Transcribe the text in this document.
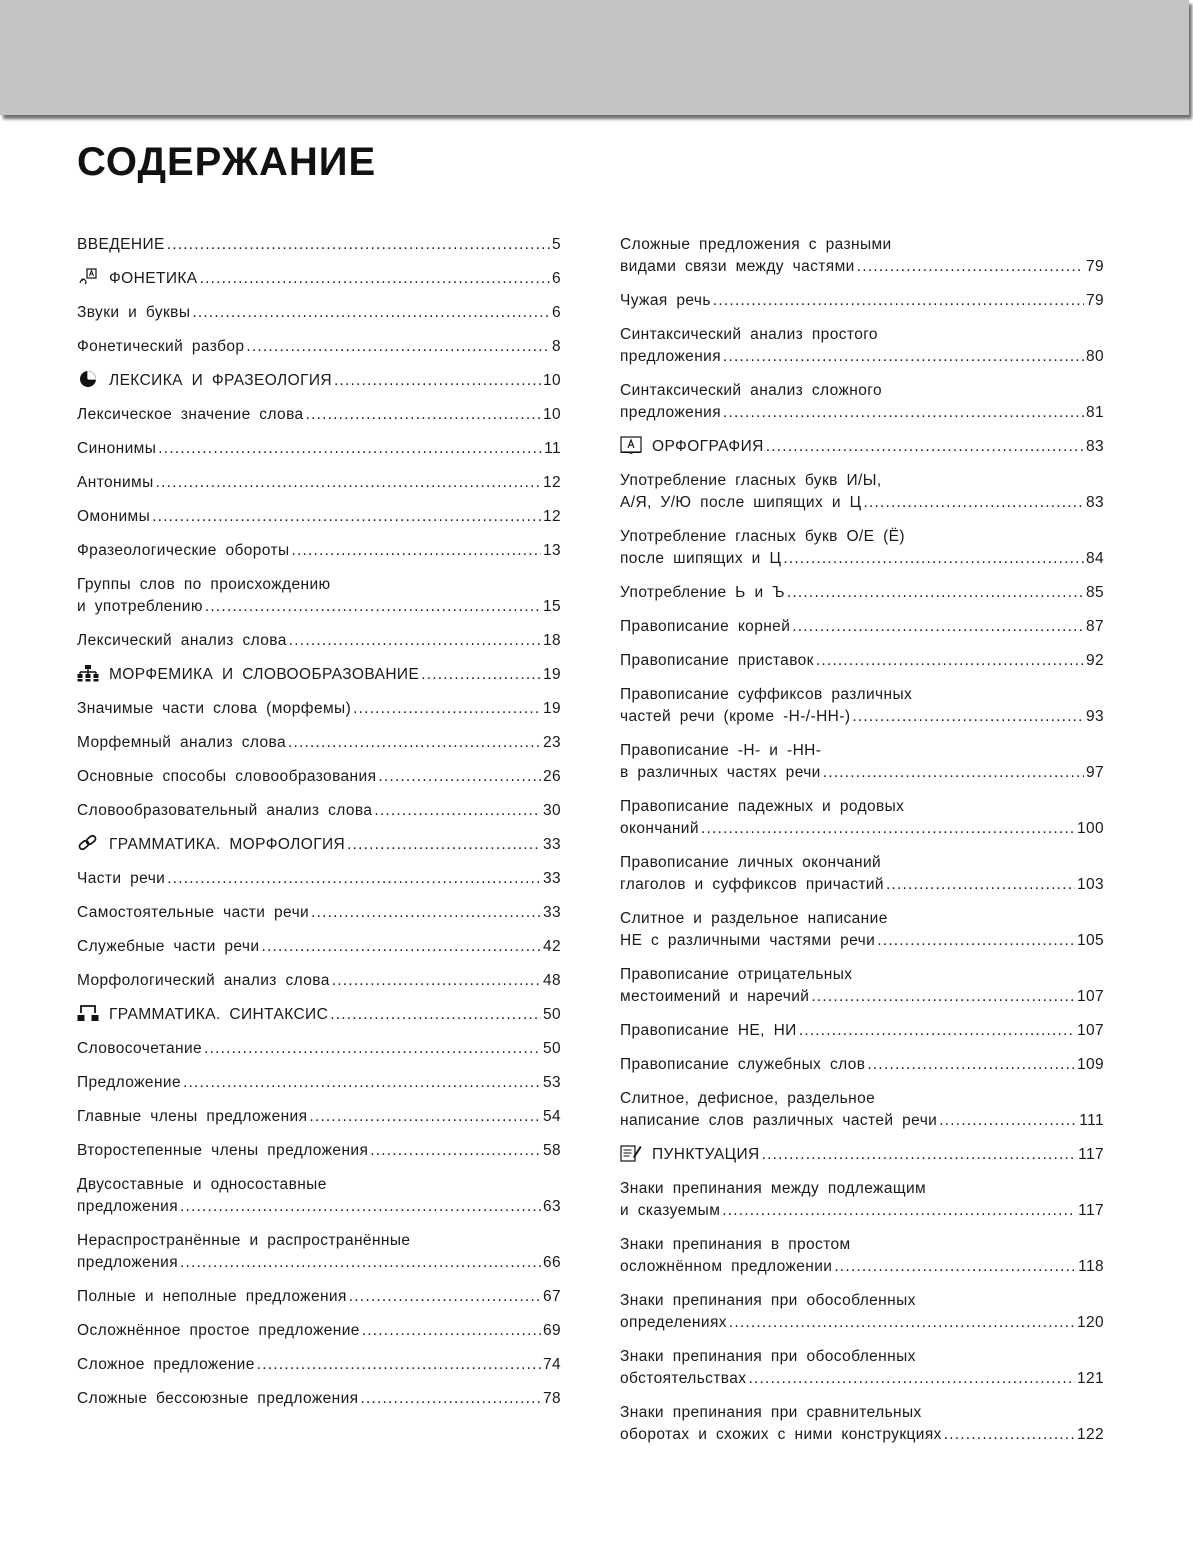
СОДЕРЖАНИЕ
ВВЕДЕНИЕ .....	5
ФОНЕТИКА .....	6
Звуки и буквы .....	6
Фонетический разбор .....	8
ЛЕКСИКА И ФРАЗЕОЛОГИЯ .....	10
Лексическое значение слова .....	10
Синонимы .....	11
Антонимы .....	12
Омонимы .....	12
Фразеологические обороты .....	13
Группы слов по происхождению
и употреблению .....	15
Лексический анализ слова .....	18
МОРФЕМИКА И СЛОВООБРАЗОВАНИЕ .....	19
Значимые части слова (морфемы) .....	19
Морфемный анализ слова .....	23
Основные способы словообразования .....	26
Словообразовательный анализ слова .....	30
ГРАММАТИКА. МОРФОЛОГИЯ .....	33
Части речи .....	33
Самостоятельные части речи .....	33
Служебные части речи .....	42
Морфологический анализ слова .....	48
ГРАММАТИКА. СИНТАКСИС .....	50
Словосочетание .....	50
Предложение .....	53
Главные члены предложения .....	54
Второстепенные члены предложения .....	58
Двусоставные и односоставные
предложения .....	63
Нераспространённые и распространённые
предложения .....	66
Полные и неполные предложения .....	67
Осложнённое простое предложение .....	69
Сложное предложение .....	74
Сложные бессоюзные предложения .....	78
Сложные предложения с разными
видами связи между частями .....	79
Чужая речь .....	79
Синтаксический анализ простого
предложения .....	80
Синтаксический анализ сложного
предложения .....	81
ОРФОГРАФИЯ .....	83
Употребление гласных букв И/Ы,
А/Я, У/Ю после шипящих и Ц .....	83
Употребление гласных букв О/Е (Ё)
после шипящих и Ц .....	84
Употребление Ь и Ъ .....	85
Правописание корней .....	87
Правописание приставок .....	92
Правописание суффиксов различных
частей речи (кроме -Н-/-НН-) .....	93
Правописание -Н- и -НН-
в различных частях речи .....	97
Правописание падежных и родовых
окончаний .....	100
Правописание личных окончаний
глаголов и суффиксов причастий .....	103
Слитное и раздельное написание
НЕ с различными частями речи .....	105
Правописание отрицательных
местоимений и наречий .....	107
Правописание НЕ, НИ .....	107
Правописание служебных слов .....	109
Слитное, дефисное, раздельное
написание слов различных частей речи .....	111
ПУНКТУАЦИЯ .....	117
Знаки препинания между подлежащим
и сказуемым .....	117
Знаки препинания в простом
осложнённом предложении .....	118
Знаки препинания при обособленных
определениях .....	120
Знаки препинания при обособленных
обстоятельствах .....	121
Знаки препинания при сравнительных
оборотах и схожих с ними конструкциях .....	122
